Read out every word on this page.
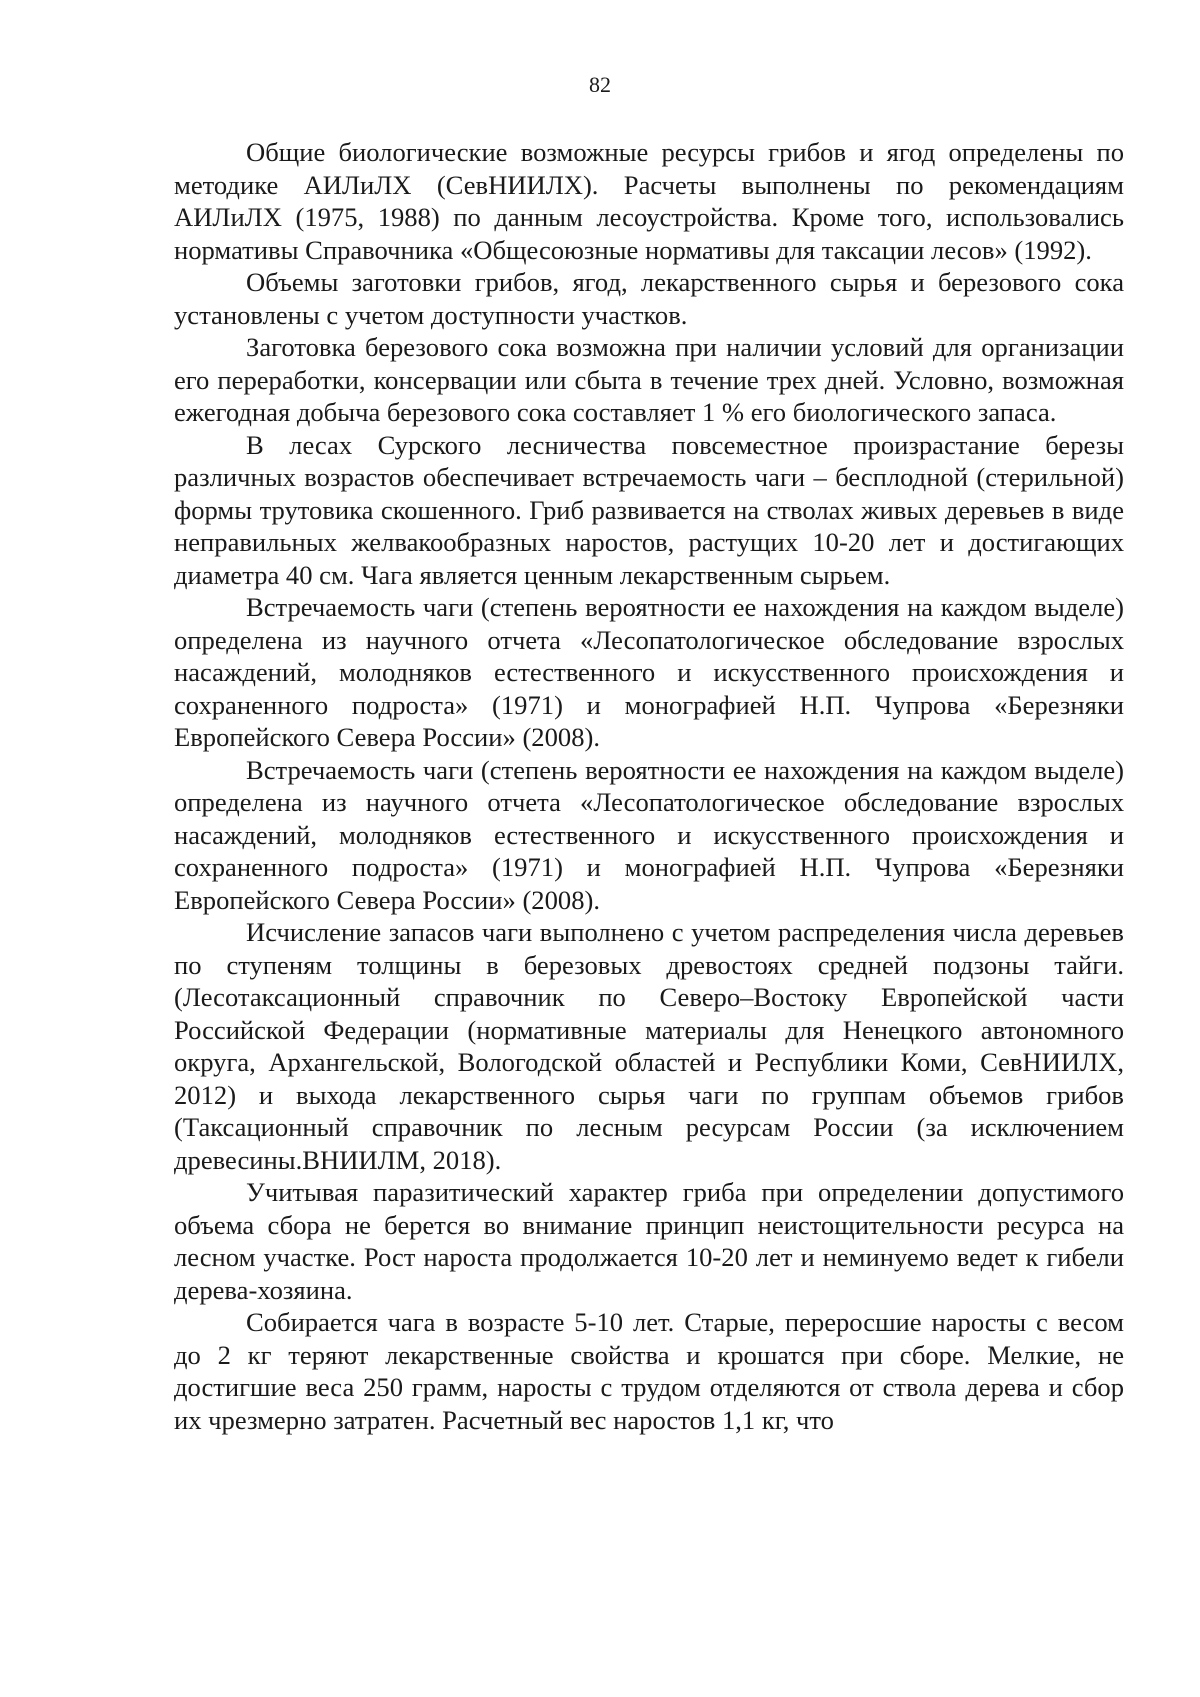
82

Общие биологические возможные ресурсы грибов и ягод определены по методике АИЛиЛХ (СевНИИЛХ). Расчеты выполнены по рекомендациям АИЛиЛХ (1975, 1988) по данным лесоустройства. Кроме того, использовались нормативы Справочника «Общесоюзные нормативы для таксации лесов» (1992).

Объемы заготовки грибов, ягод, лекарственного сырья и березового сока установлены с учетом доступности участков.

Заготовка березового сока возможна при наличии условий для организации его переработки, консервации или сбыта в течение трех дней. Условно, возможная ежегодная добыча березового сока составляет 1 % его биологического запаса.

В лесах Сурского лесничества повсеместное произрастание березы различных возрастов обеспечивает встречаемость чаги – бесплодной (стерильной) формы трутовика скошенного. Гриб развивается на стволах живых деревьев в виде неправильных желвакообразных наростов, растущих 10-20 лет и достигающих диаметра 40 см. Чага является ценным лекарственным сырьем.

Встречаемость чаги (степень вероятности ее нахождения на каждом выделе) определена из научного отчета «Лесопатологическое обследование взрослых насаждений, молодняков естественного и искусственного происхождения и сохраненного подроста» (1971) и монографией Н.П. Чупрова «Березняки Европейского Севера России» (2008).

Встречаемость чаги (степень вероятности ее нахождения на каждом выделе) определена из научного отчета «Лесопатологическое обследование взрослых насаждений, молодняков естественного и искусственного происхождения и сохраненного подроста» (1971) и монографией Н.П. Чупрова «Березняки Европейского Севера России» (2008).

Исчисление запасов чаги выполнено с учетом распределения числа деревьев по ступеням толщины в березовых древостоях средней подзоны тайги. (Лесотаксационный справочник по Северо–Востоку Европейской части Российской Федерации (нормативные материалы для Ненецкого автономного округа, Архангельской, Вологодской областей и Республики Коми, СевНИИЛХ, 2012) и выхода лекарственного сырья чаги по группам объемов грибов (Таксационный справочник по лесным ресурсам России (за исключением древесины.ВНИИЛМ, 2018).

Учитывая паразитический характер гриба при определении допустимого объема сбора не берется во внимание принцип неистощительности ресурса на лесном участке. Рост нароста продолжается 10-20 лет и неминуемо ведет к гибели дерева-хозяина.

Собирается чага в возрасте 5-10 лет. Старые, переросшие наросты с весом до 2 кг теряют лекарственные свойства и крошатся при сборе. Мелкие, не достигшие веса 250 грамм, наросты с трудом отделяются от ствола дерева и сбор их чрезмерно затратен. Расчетный вес наростов 1,1 кг, что
